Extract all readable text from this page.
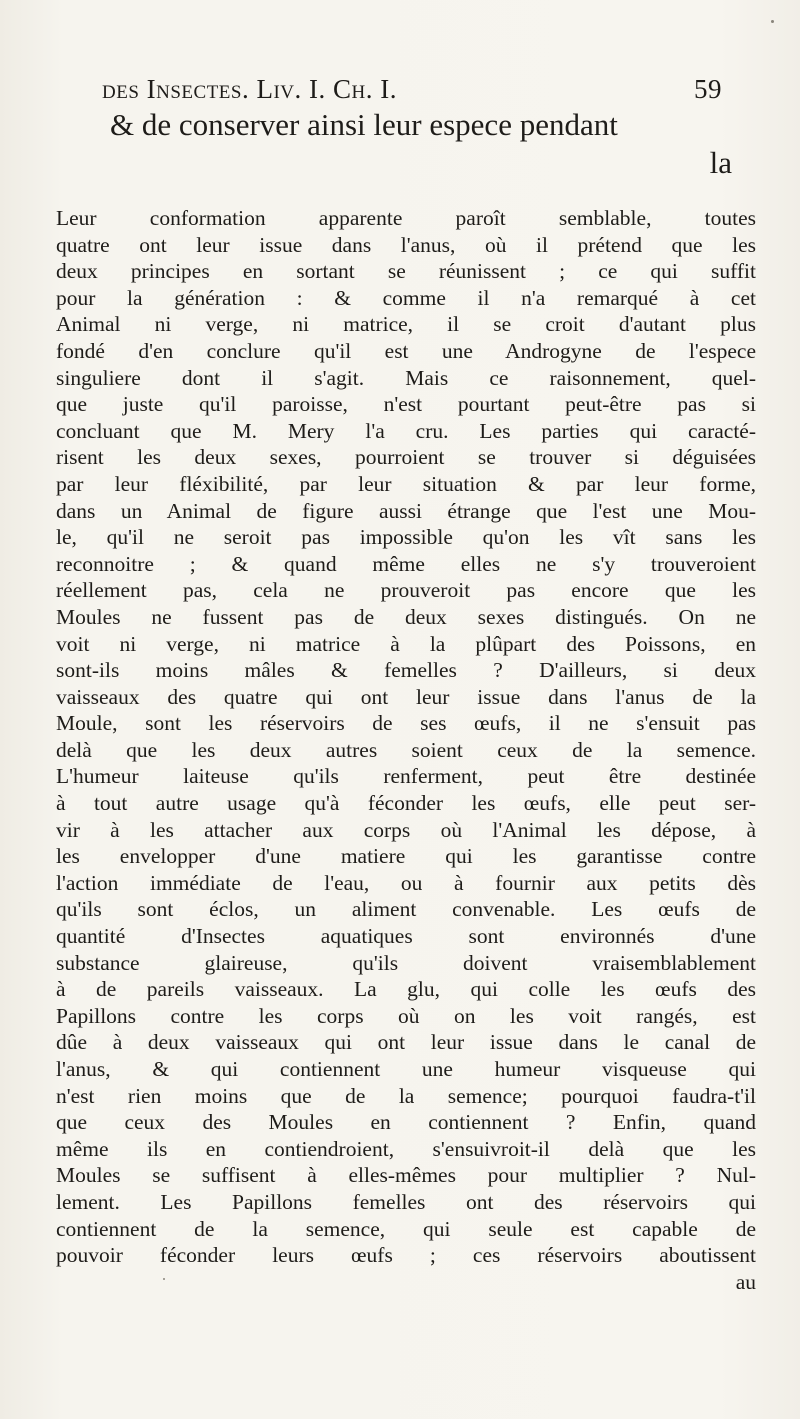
des Insectes. Liv. I. Ch. I.	59
& de conserver ainsi leur espece pendant
la
Leur conformation apparente paroît semblable, toutes
quatre ont leur issue dans l'anus, où il prétend que les
deux principes en sortant se réunissent ; ce qui suffit
pour la génération : & comme il n'a remarqué à cet
Animal ni verge, ni matrice, il se croit d'autant plus
fondé d'en conclure qu'il est une Androgyne de l'espece
singuliere dont il s'agit. Mais ce raisonnement, quel-
que juste qu'il paroisse, n'est pourtant peut-être pas si
concluant que M. Mery l'a cru. Les parties qui caracté-
risent les deux sexes, pourroient se trouver si déguisées
par leur fléxibilité, par leur situation & par leur forme,
dans un Animal de figure aussi étrange que l'est une Mou-
le, qu'il ne seroit pas impossible qu'on les vît sans les
reconnoitre ; & quand même elles ne s'y trouveroient
réellement pas, cela ne prouveroit pas encore que les
Moules ne fussent pas de deux sexes distingués. On ne
voit ni verge, ni matrice à la plûpart des Poissons, en
sont-ils moins mâles & femelles ? D'ailleurs, si deux
vaisseaux des quatre qui ont leur issue dans l'anus de la
Moule, sont les réservoirs de ses œufs, il ne s'ensuit pas
delà que les deux autres soient ceux de la semence.
L'humeur laiteuse qu'ils renferment, peut être destinée
à tout autre usage qu'à féconder les œufs, elle peut ser-
vir à les attacher aux corps où l'Animal les dépose, à
les envelopper d'une matiere qui les garantisse contre
l'action immédiate de l'eau, ou à fournir aux petits dès
qu'ils sont éclos, un aliment convenable. Les œufs de
quantité d'Insectes aquatiques sont environnés d'une
substance glaireuse, qu'ils doivent vraisemblablement
à de pareils vaisseaux. La glu, qui colle les œufs des
Papillons contre les corps où on les voit rangés, est
dûe à deux vaisseaux qui ont leur issue dans le canal de
l'anus, & qui contiennent une humeur visqueuse qui
n'est rien moins que de la semence; pourquoi faudra-t'il
que ceux des Moules en contiennent ? Enfin, quand
même ils en contiendroient, s'ensuivroit-il delà que les
Moules se suffisent à elles-mêmes pour multiplier ? Nul-
lement. Les Papillons femelles ont des réservoirs qui
contiennent de la semence, qui seule est capable de
pouvoir féconder leurs œufs ; ces réservoirs aboutissent
au
